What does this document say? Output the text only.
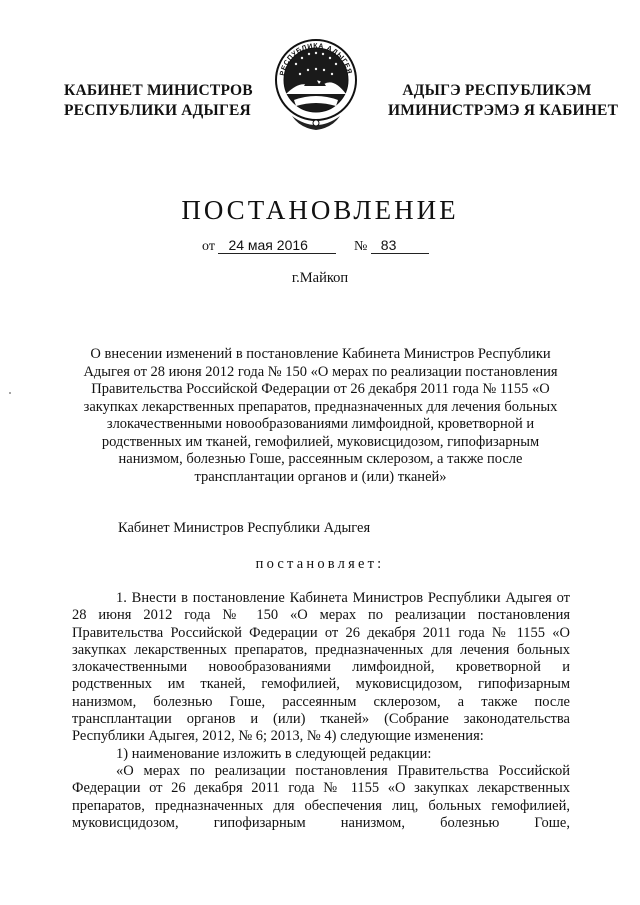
КАБИНЕТ МИНИСТРОВ
РЕСПУБЛИКИ АДЫГЕЯ
РЕСПУБЛИКА АДЫГЕЯ
АДЫГЭ РЕСПУБЛИКЭМ
ИМИНИСТРЭМЭ Я КАБИНЕТ
ПОСТАНОВЛЕНИЕ
от 24 мая 2016	№ 83
г.Майкоп
О внесении изменений в постановление Кабинета Министров Республики Адыгея от 28 июня 2012 года № 150 «О мерах по реализации постановления Правительства Российской Федерации от 26 декабря 2011 года № 1155 «О закупках лекарственных препаратов, предназначенных для лечения больных злокачественными новообразованиями лимфоидной, кроветворной и родственных им тканей, гемофилией, муковисцидозом, гипофизарным нанизмом, болезнью Гоше, рассеянным склерозом, а также после трансплантации органов и (или) тканей»
Кабинет Министров Республики Адыгея
постановляет:

1. Внести в постановление Кабинета Министров Республики Адыгея от 28 июня 2012 года № 150 «О мерах по реализации постановления Правительства Российской Федерации от 26 декабря 2011 года № 1155 «О закупках лекарственных препаратов, предназначенных для лечения больных злокачественными новообразованиями лимфоидной, кроветворной и родственных им тканей, гемофилией, муковисцидозом, гипофизарным нанизмом, болезнью Гоше, рассеянным склерозом, а также после трансплантации органов и (или) тканей» (Собрание законодательства Республики Адыгея, 2012, № 6; 2013, № 4) следующие изменения:

1) наименование изложить в следующей редакции:

«О мерах по реализации постановления Правительства Российской Федерации от 26 декабря 2011 года № 1155 «О закупках лекарственных препаратов, предназначенных для обеспечения лиц, больных гемофилией, муковисцидозом, гипофизарным нанизмом, болезнью Гоше,
